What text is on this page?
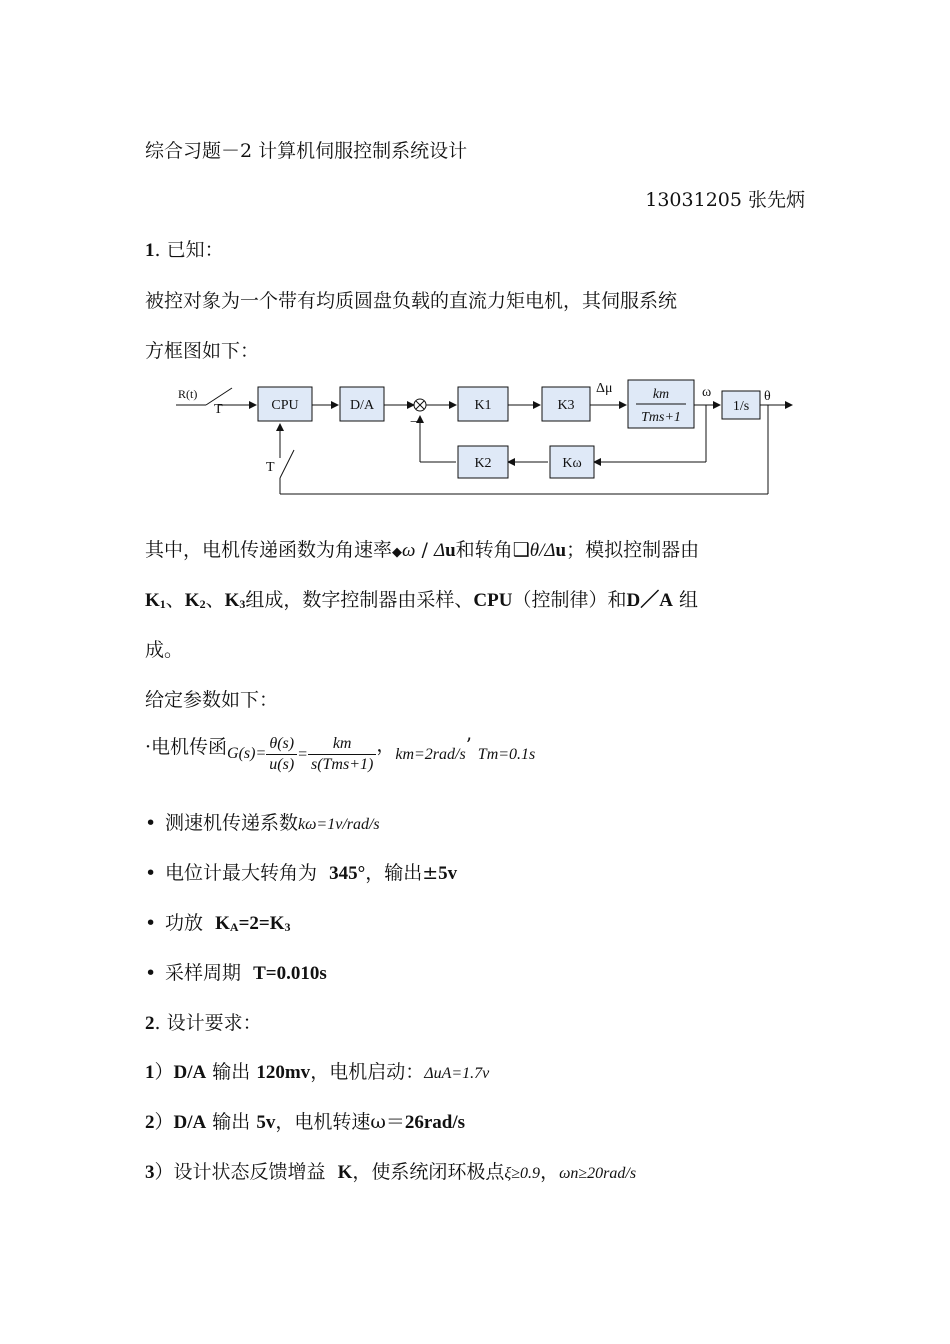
综合习题－2 计算机伺服控制系统设计
13031205 张先炳
1. 已知：
被控对象为一个带有均质圆盘负载的直流力矩电机，其伺服系统
方框图如下：
R(t)
T
T
CPU	D/A
−
K1	K3
Δμ	km
Tms+1
ω
1/s
θ
K2	Kω
其中，电机传递函数为角速率◆ω / Δu和转角❑θ/Δu；模拟控制器由
K1、K2、K3组成，数字控制器由采样、CPU（控制律）和D／A 组
成。
给定参数如下：
·电机传函$G(s)= \frac{\theta(s)}{u(s)} = \frac{km}{\text{s(Tms+1)}}$ ，km=2rad/s’ Tm=0.1s
• 测速机传递系数kω=1v/rad/s
• 电位计最大转角为 345°，输出±5v
• 功放 KA=2=K3
• 采样周期 T=0.010s
2. 设计要求：
1）D/A 输出 120mv，电机启动：ΔuA=1.7v
2）D/A 输出 5v，电机转速ω＝26rad/s
3）设计状态反馈增益 K，使系统闭环极点ξ≥0.9，ωn≥20rad/s
